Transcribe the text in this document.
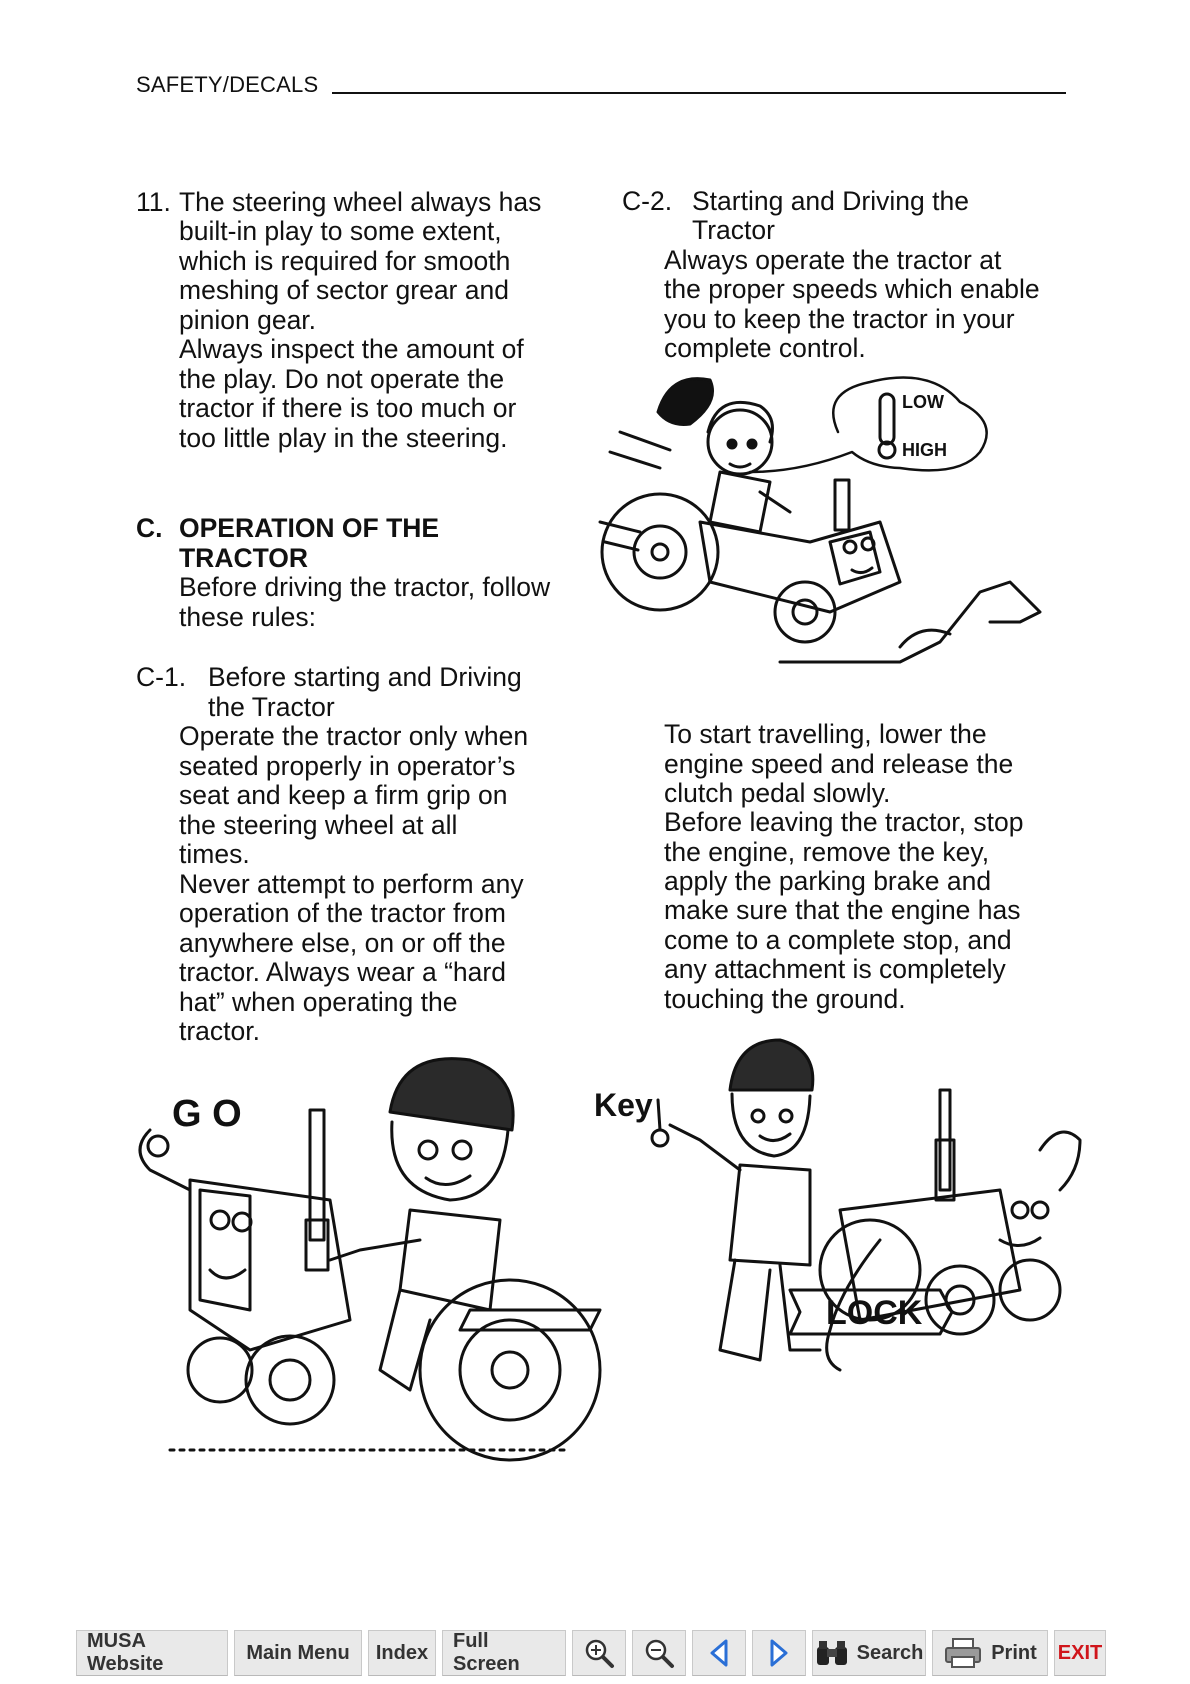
SAFETY/DECALS
11. The steering wheel always has
built-in play to some extent,
which is required for smooth
meshing of sector grear and
pinion gear.
Always inspect the amount of
the play. Do not operate the
tractor if there is too much or
too little play in the steering.
C. OPERATION OF THE
TRACTOR
Before driving the tractor, follow
these rules:
C-1. Before starting and Driving
the Tractor
Operate the tractor only when
seated properly in operator’s
seat and keep a firm grip on
the steering wheel at all
times.
Never attempt to perform any
operation of the tractor from
anywhere else, on or off the
tractor. Always wear a “hard
hat” when operating the
tractor.
C-2. Starting and Driving the
Tractor
Always operate the tractor at
the proper speeds which enable
you to keep the tractor in your
complete control.
To start travelling, lower the
engine speed and release the
clutch pedal slowly.
Before leaving the tractor, stop
the engine, remove the key,
apply the parking brake and
make sure that the engine has
come to a complete stop, and
any attachment is completely
touching the ground.
LOW
HIGH
G O	Key
LOCK
MUSA Website
Main Menu Index
Full Screen
Search	Print EXIT
